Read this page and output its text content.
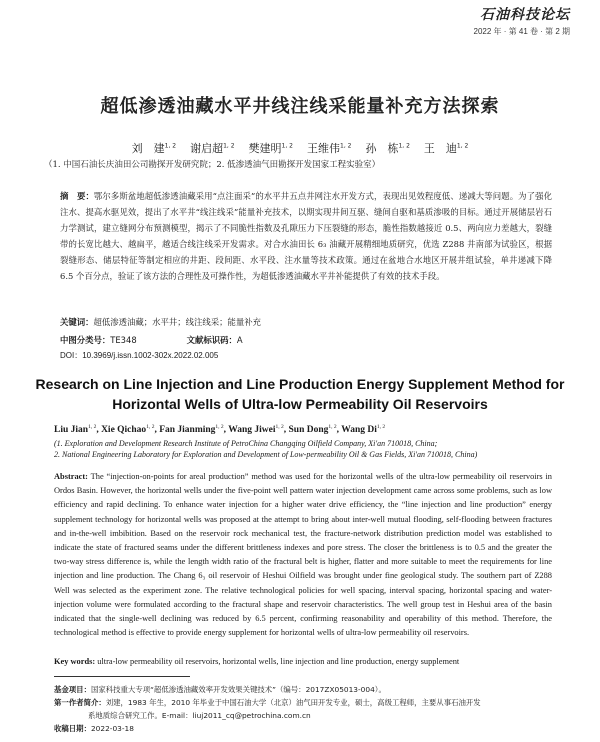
石油科技论坛
2022 年 · 第 41 卷 · 第 2 期
超低渗透油藏水平井线注线采能量补充方法探索
刘　建$^{1, 2}$ 谢启超$^{1, 2}$ 樊建明$^{1, 2}$ 王维伟$^{1, 2}$ 孙　栋$^{1, 2}$ 王　迪$^{1, 2}$
（1. 中国石油长庆油田公司勘探开发研究院；2. 低渗透油气田勘探开发国家工程实验室）
摘　要：鄂尔多斯盆地超低渗透油藏采用“点注面采”的水平井五点井网注水开发方式，表现出见效程度低、递减大等问题。为了强化注水、提高水驱见效，提出了水平井“线注线采”能量补充技术，以期实现井间互驱、缝间自驱和基质渗吸的目标。通过开展储层岩石力学测试，建立缝网分布预测模型，揭示了不同脆性指数及孔隙压力下压裂缝的形态，脆性指数越接近 0.5、两向应力差越大，裂缝带的长宽比越大、越扁平，越适合线注线采开发需求。对合水油田长 6₃ 油藏开展精细地质研究，优选 Z288 井南部为试验区，根据裂缝形态、储层特征等制定相应的井距、段间距、水平段、注水量等技术政策。通过在盆地合水地区开展井组试验，单井递减下降 6.5 个百分点，验证了该方法的合理性及可操作性，为超低渗透油藏水平井补能提供了有效的技术手段。
关键词：超低渗透油藏；水平井；线注线采；能量补充
中图分类号：TE348	文献标识码：A
DOI：10.3969/j.issn.1002-302x.2022.02.005
Research on Line Injection and Line Production Energy Supplement Method for
Horizontal Wells of Ultra-low Permeability Oil Reservoirs
Liu Jian$^{1, 2}$, Xie Qichao$^{1, 2}$, Fan Jianming$^{1, 2}$, Wang Jiwei$^{1, 2}$, Sun Dong$^{1, 2}$, Wang Di$^{1, 2}$
(1. Exploration and Development Research Institute of PetroChina Changqing Oilfield Company, Xi'an 710018, China;
2. National Engineering Laboratory for Exploration and Development of Low-permeability Oil & Gas Fields, Xi'an 710018, China)
Abstract: The “injection-on-points for areal production” method was used for the horizontal wells of the ultra-low permeability oil reservoirs in Ordos Basin. However, the horizontal wells under the five-point well pattern water injection development came across some problems, such as low efficiency and rapid declining. To enhance water injection for a higher water drive efficiency, the “line injection and line production” energy supplement technology for horizontal wells was proposed at the attempt to bring about inter-well mutual flooding, self-flooding between fractures and in-the-well imbibition. Based on the reservoir rock mechanical test, the fracture-network distribution prediction model was established to indicate the state of fractured seams under the different brittleness indexes and pore stress. The closer the brittleness is to 0.5 and the greater the two-way stress difference is, while the length width ratio of the fractural belt is higher, flatter and more suitable to meet the requirements for line injection and line production. The Chang 6₃ oil reservoir of Heshui Oilfield was brought under fine geological study. The southern part of Z288 Well was selected as the experiment zone. The relative technological policies for well spacing, interval spacing, horizontal spacing and water-injection volume were formulated according to the fractural shape and reservoir characteristics. The well group test in Heshui area of the basin indicated that the single-well declining was reduced by 6.5 percent, confirming reasonability and operability of this method. Therefore, the technological method is effective to provide energy supplement for horizontal wells of ultra-low permeability oil reservoirs.
Key words: ultra-low permeability oil reservoirs, horizontal wells, line injection and line production, energy supplement
基金项目：国家科技重大专项“超低渗透油藏效率开发效果关键技术”（编号：2017ZX05013-004）。
第一作者简介：刘建，1983 年生，2010 年毕业于中国石油大学（北京）油气田开发专业，硕士，高级工程师，主要从事石油开发
系地质综合研究工作。E-mail：liuj2011_cq@petrochina.com.cn
收稿日期：2022-03-18
